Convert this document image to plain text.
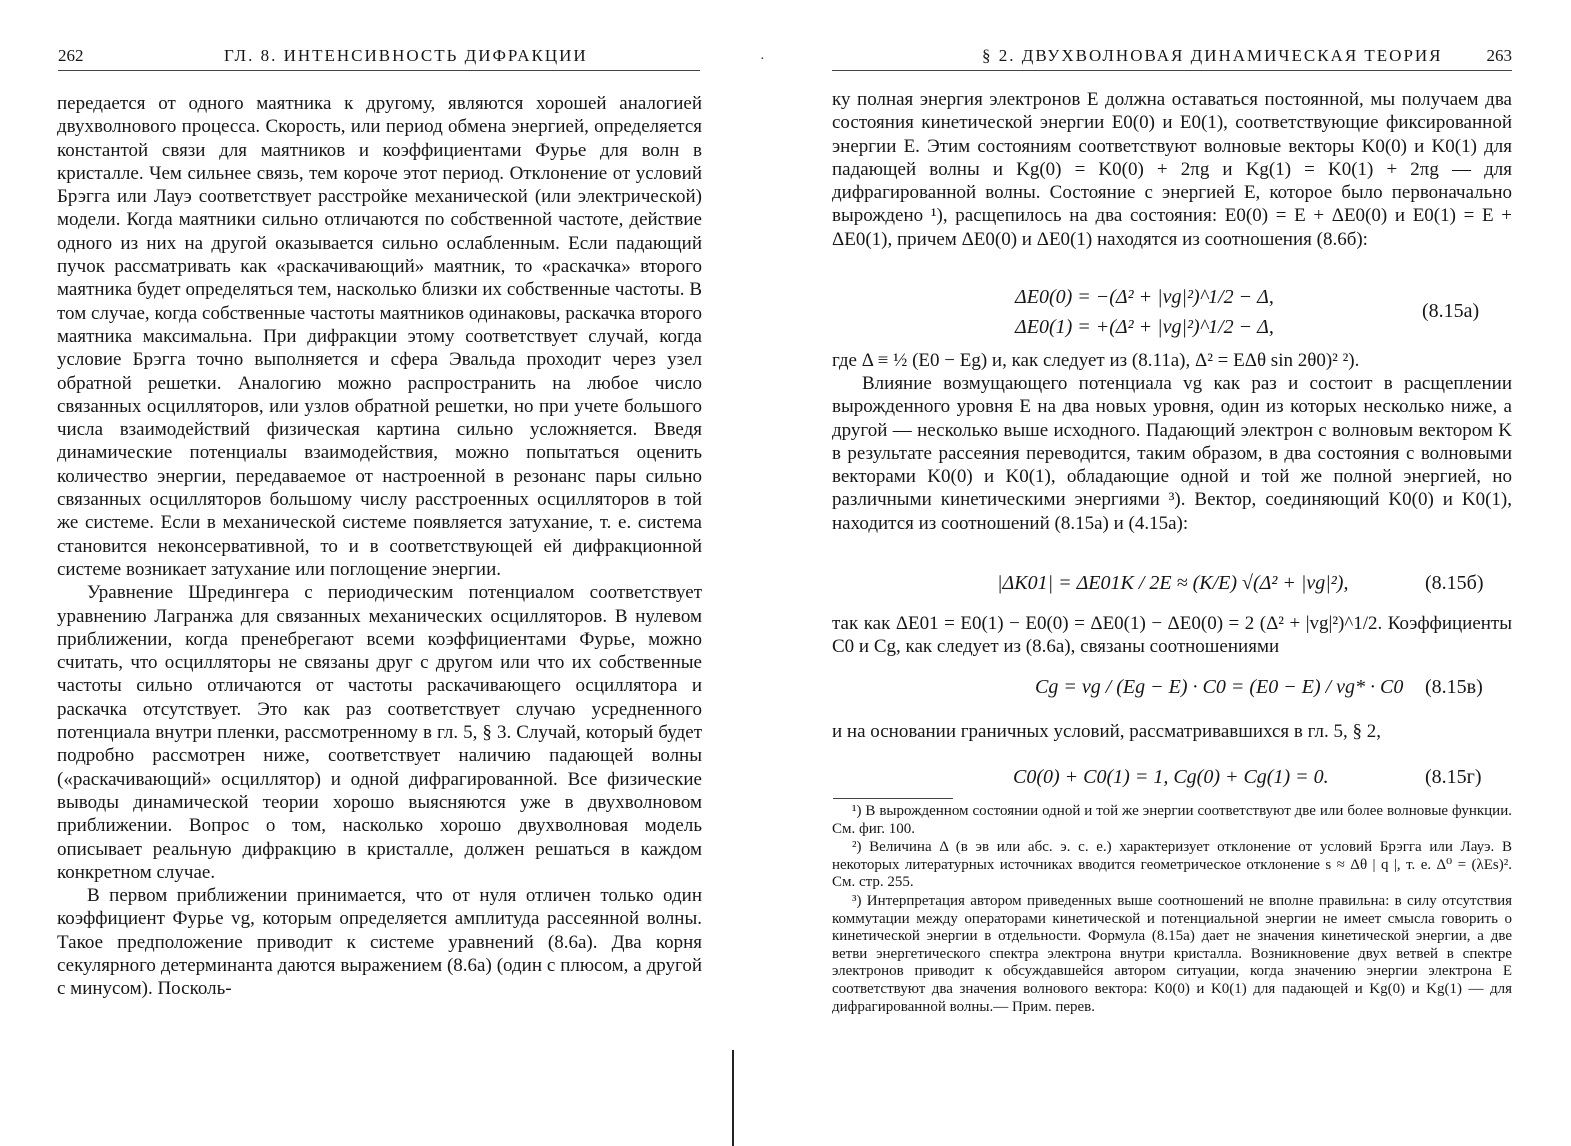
262	ГЛ. 8. ИНТЕНСИВНОСТЬ ДИФРАКЦИИ

передается от одного маятника к другому, являются хорошей аналогией двухволнового процесса. Скорость, или период обмена энергией, определяется константой связи для маятников и коэффициентами Фурье для волн в кристалле. Чем сильнее связь, тем короче этот период. Отклонение от условий Брэгга или Лауэ соответствует расстройке механической (или электрической) модели. Когда маятники сильно отличаются по собственной частоте, действие одного из них на другой оказывается сильно ослабленным. Если падающий пучок рассматривать как «раскачивающий» маятник, то «раскачка» второго маятника будет определяться тем, насколько близки их собственные частоты. В том случае, когда собственные частоты маятников одинаковы, раскачка второго маятника максимальна. При дифракции этому соответствует случай, когда условие Брэгга точно выполняется и сфера Эвальда проходит через узел обратной решетки. Аналогию можно распространить на любое число связанных осцилляторов, или узлов обратной решетки, но при учете большого числа взаимодействий физическая картина сильно усложняется. Введя динамические потенциалы взаимодействия, можно попытаться оценить количество энергии, передаваемое от настроенной в резонанс пары сильно связанных осцилляторов большому числу расстроенных осцилляторов в той же системе. Если в механической системе появляется затухание, т. е. система становится неконсервативной, то и в соответствующей ей дифракционной системе возникает затухание или поглощение энергии.

Уравнение Шредингера с периодическим потенциалом соответствует уравнению Лагранжа для связанных механических осцилляторов. В нулевом приближении, когда пренебрегают всеми коэффициентами Фурье, можно считать, что осцилляторы не связаны друг с другом или что их собственные частоты сильно отличаются от частоты раскачивающего осциллятора и раскачка отсутствует. Это как раз соответствует случаю усредненного потенциала внутри пленки, рассмотренному в гл. 5, § 3. Случай, который будет подробно рассмотрен ниже, соответствует наличию падающей волны («раскачивающий» осциллятор) и одной дифрагированной. Все физические выводы динамической теории хорошо выясняются уже в двухволновом приближении. Вопрос о том, насколько хорошо двухволновая модель описывает реальную дифракцию в кристалле, должен решаться в каждом конкретном случае.

В первом приближении принимается, что от нуля отличен только один коэффициент Фурье vg, которым определяется амплитуда рассеянной волны. Такое предположение приводит к системе уравнений (8.6а). Два корня секулярного детерминанта даются выражением (8.6а) (один с плюсом, а другой с минусом). Посколь-

·	§ 2. ДВУХВОЛНОВАЯ ДИНАМИЧЕСКАЯ ТЕОРИЯ	263

ку полная энергия электронов E должна оставаться постоянной, мы получаем два состояния кинетической энергии E0(0) и E0(1), соответствующие фиксированной энергии E. Этим состояниям соответствуют волновые векторы K0(0) и K0(1) для падающей волны и Kg(0) = K0(0) + 2πg и Kg(1) = K0(1) + 2πg — для дифрагированной волны. Состояние с энергией E, которое было первоначально вырождено ¹), расщепилось на два состояния: E0(0) = E + ΔE0(0) и E0(1) = E + ΔE0(1), причем ΔE0(0) и ΔE0(1) находятся из соотношения (8.6б):

ΔE0(0) = −(Δ² + |vg|²)^1/2 − Δ,
ΔE0(1) = +(Δ² + |vg|²)^1/2 − Δ,
(8.15а)
где Δ ≡ ½ (E0 − Eg) и, как следует из (8.11а), Δ² = EΔθ sin 2θ0)² ²).
Влияние возмущающего потенциала vg как раз и состоит в расщеплении вырожденного уровня E на два новых уровня, один из которых несколько ниже, а другой — несколько выше исходного. Падающий электрон с волновым вектором K в результате рассеяния переводится, таким образом, в два состояния с волновыми векторами K0(0) и K0(1), обладающие одной и той же полной энергией, но различными кинетическими энергиями ³). Вектор, соединяющий K0(0) и K0(1), находится из соотношений (8.15а) и (4.15а):
|ΔK01| = ΔE01K / 2E ≈ (K/E) √(Δ² + |vg|²),	(8.15б)
так как ΔE01 = E0(1) − E0(0) = ΔE0(1) − ΔE0(0) = 2 (Δ² + |vg|²)^1/2. Коэффициенты C0 и Cg, как следует из (8.6а), связаны соотношениями
Cg = vg / (Eg − E) · C0 = (E0 − E) / vg* · C0 (8.15в)
и на основании граничных условий, рассматривавшихся в гл. 5, § 2,
C0(0) + C0(1) = 1, Cg(0) + Cg(1) = 0.	(8.15г)

¹) В вырожденном состоянии одной и той же энергии соответствуют две или более волновые функции. См. фиг. 100.

²) Величина Δ (в эв или абс. э. с. е.) характеризует отклонение от условий Брэгга или Лауэ. В некоторых литературных источниках вводится геометрическое отклонение s ≈ Δθ | q |, т. е. Δ⁰ = (λEs)². См. стр. 255.

³) Интерпретация автором приведенных выше соотношений не вполне правильна: в силу отсутствия коммутации между операторами кинетической и потенциальной энергии не имеет смысла говорить о кинетической энергии в отдельности. Формула (8.15а) дает не значения кинетической энергии, а две ветви энергетического спектра электрона внутри кристалла. Возникновение двух ветвей в спектре электронов приводит к обсуждавшейся автором ситуации, когда значению энергии электрона E соответствуют два значения волнового вектора: K0(0) и K0(1) для падающей и Kg(0) и Kg(1) — для дифрагированной волны.— Прим. перев.
